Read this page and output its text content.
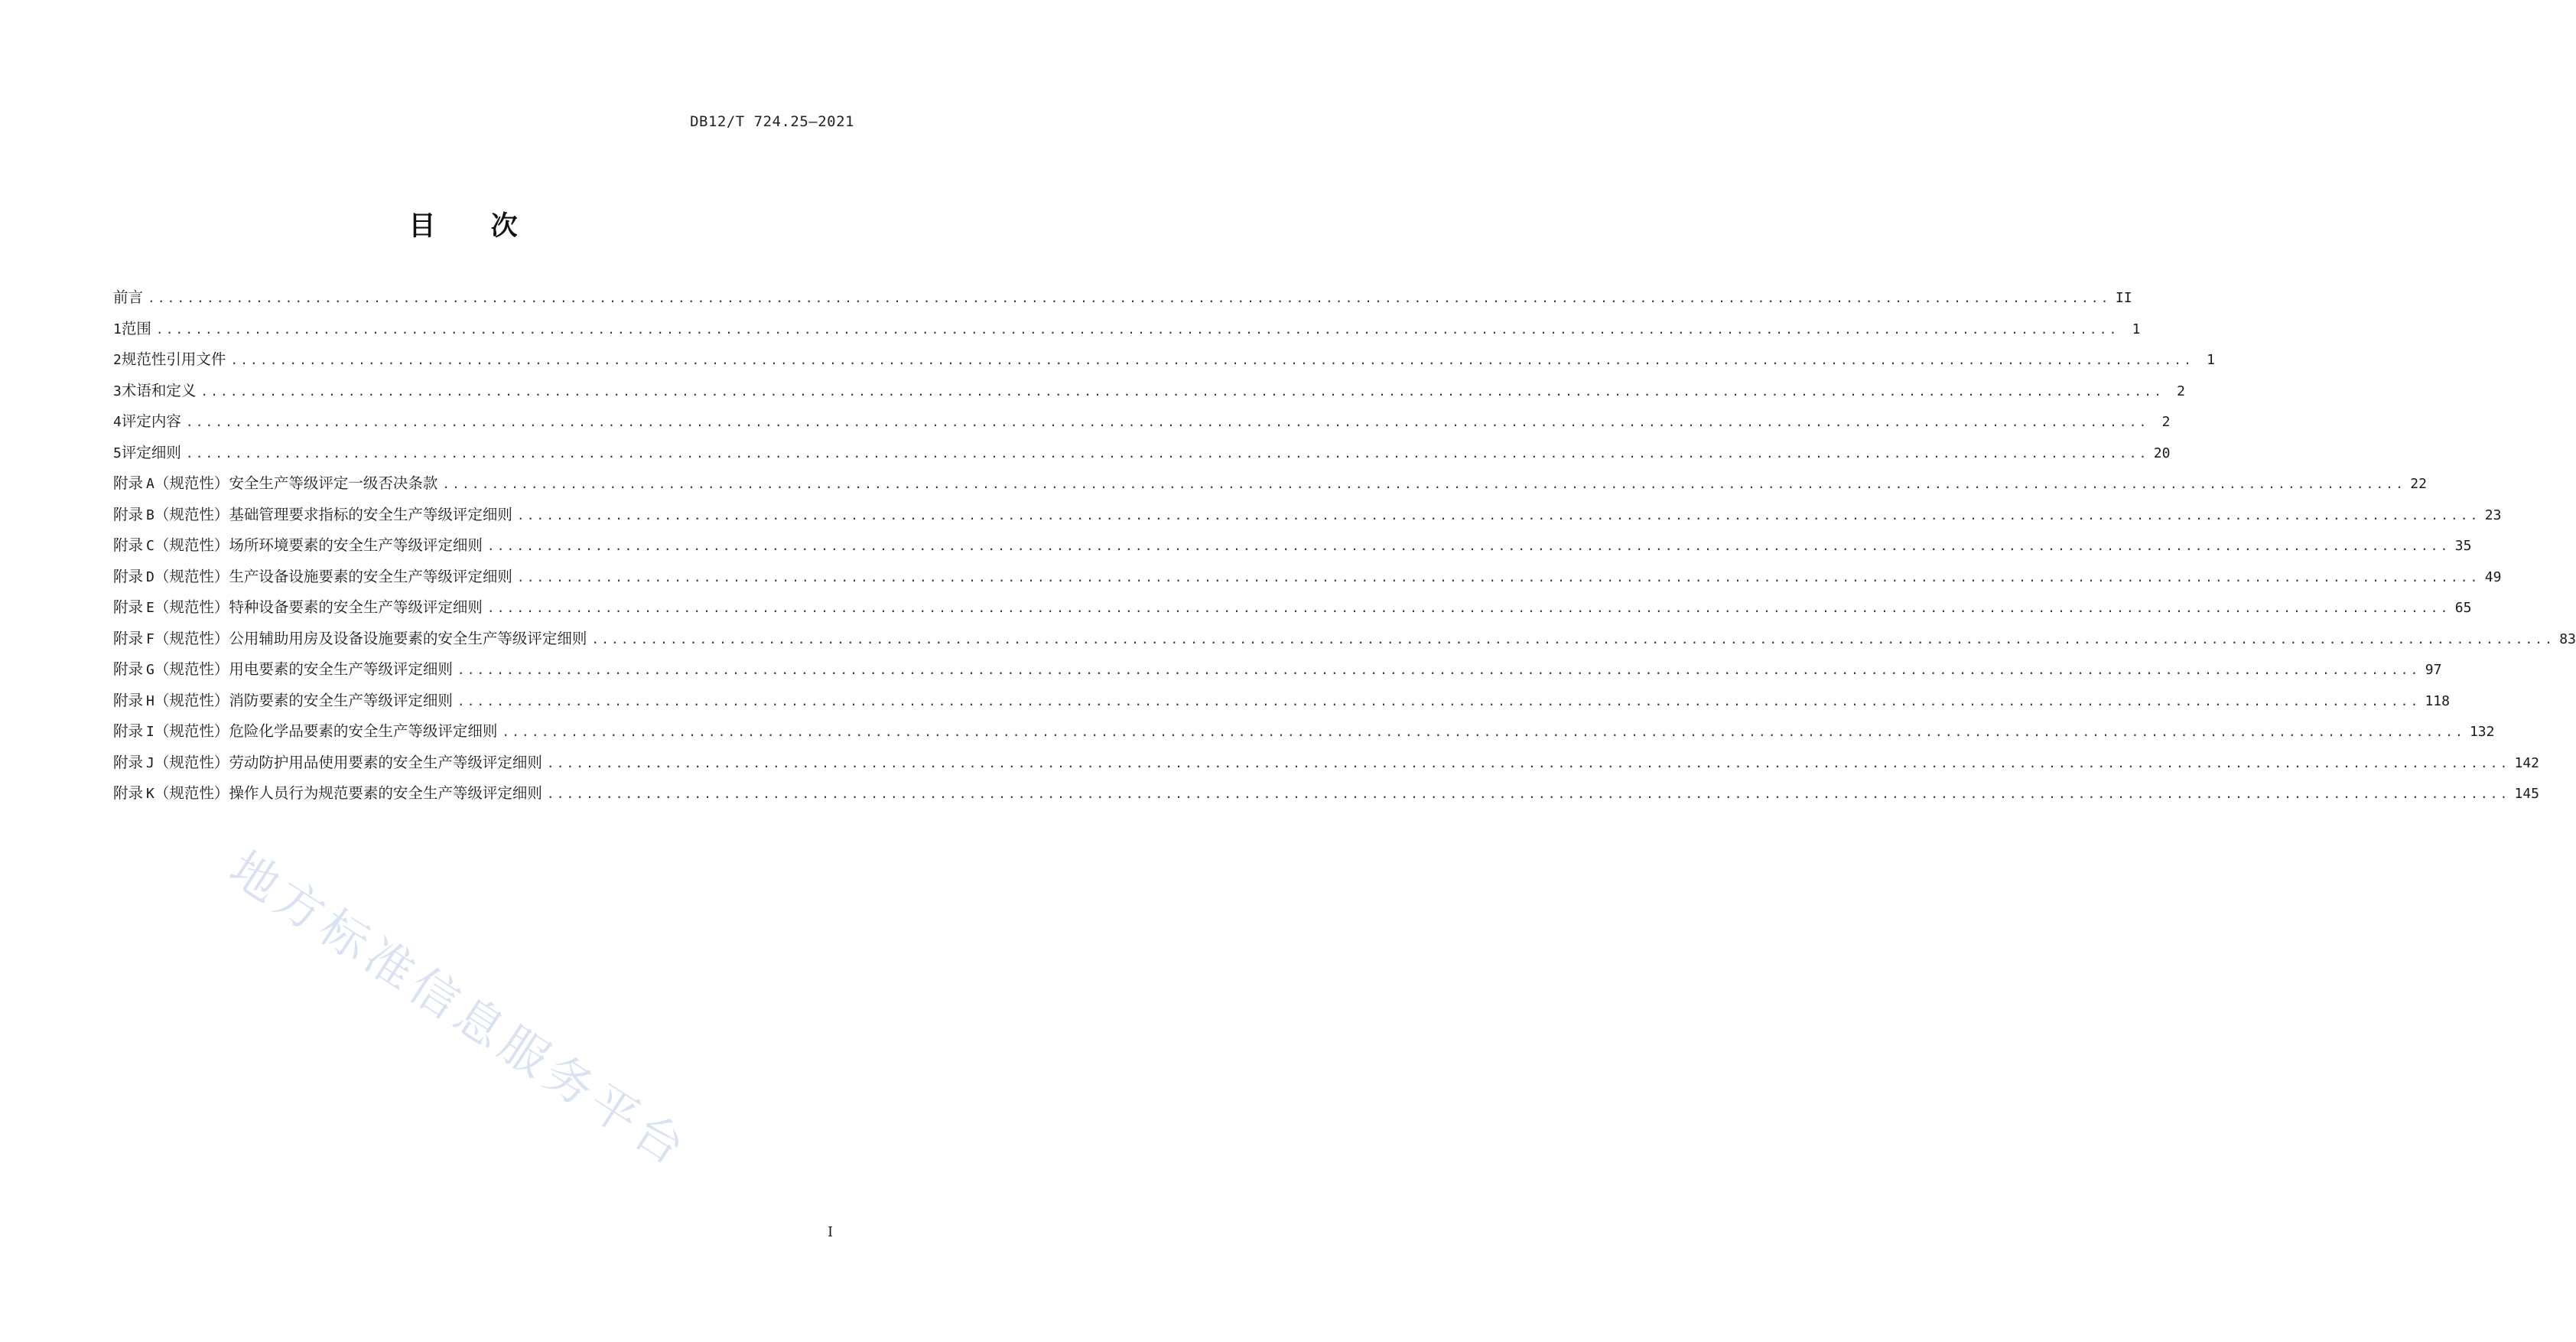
DB12/T 724.25—2021
目 次
前言 ........................................................................................................................................................................................................ II
1 范围 ........................................................................................................................................................................................................ 1
2 规范性引用文件 ........................................................................................................................................................................................................ 1
3 术语和定义 ........................................................................................................................................................................................................ 2
4 评定内容 ........................................................................................................................................................................................................ 2
5 评定细则 ........................................................................................................................................................................................................ 20
附录 A （规范性） 安全生产等级评定一级否决条款 ........................................................................................................................................................................................................ 22
附录 B （规范性） 基础管理要求指标的安全生产等级评定细则 ........................................................................................................................................................................................................ 23
附录 C （规范性） 场所环境要素的安全生产等级评定细则 ........................................................................................................................................................................................................ 35
附录 D （规范性） 生产设备设施要素的安全生产等级评定细则 ........................................................................................................................................................................................................ 49
附录 E （规范性） 特种设备要素的安全生产等级评定细则 ........................................................................................................................................................................................................ 65
附录 F （规范性） 公用辅助用房及设备设施要素的安全生产等级评定细则 ........................................................................................................................................................................................................ 83
附录 G （规范性） 用电要素的安全生产等级评定细则 ........................................................................................................................................................................................................ 97
附录 H （规范性） 消防要素的安全生产等级评定细则 ........................................................................................................................................................................................................ 118
附录 I （规范性） 危险化学品要素的安全生产等级评定细则 ........................................................................................................................................................................................................ 132
附录 J （规范性） 劳动防护用品使用要素的安全生产等级评定细则 ........................................................................................................................................................................................................ 142
附录 K （规范性） 操作人员行为规范要素的安全生产等级评定细则 ........................................................................................................................................................................................................ 145
地方标准信息服务平台
I
